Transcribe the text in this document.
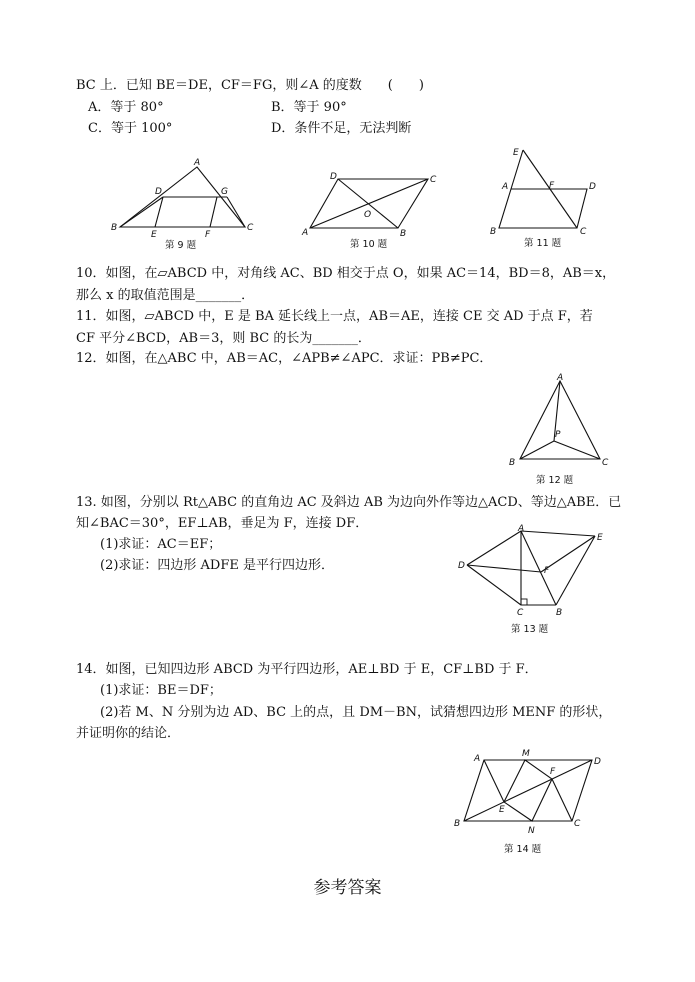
BC 上．已知 BE＝DE，CF＝FG，则∠A 的度数　　(　　)
A．等于 80°	B．等于 90°
C．等于 100°	D．条件不足，无法判断
A
D	G
B
E	F
C
第 9 题
D	C
O
A	B
第 10 题
E
A	F	D
B	C
第 11 题
10．如图，在▱ABCD 中，对角线 AC、BD 相交于点 O，如果 AC＝14，BD＝8，AB＝x，
那么 x 的取值范围是_______．
11．如图，▱ABCD 中，E 是 BA 延长线上一点，AB＝AE，连接 CE 交 AD 于点 F，若
CF 平分∠BCD，AB＝3，则 BC 的长为_______．
12．如图，在△ABC 中，AB＝AC，∠APB≠∠APC．求证：PB≠PC．
A
P
B	C
第 12 题
13. 如图，分别以 Rt△ABC 的直角边 AC 及斜边 AB 为边向外作等边△ACD、等边△ABE．已
知∠BAC＝30°，EF⊥AB，垂足为 F，连接 DF．
(1)求证：AC＝EF；
(2)求证：四边形 ADFE 是平行四边形．
A
E
D	F
C	B
第 13 题
14．如图，已知四边形 ABCD 为平行四边形，AE⊥BD 于 E，CF⊥BD 于 F．
(1)求证：BE＝DF；
(2)若 M、N 分别为边 AD、BC 上的点，且 DM－BN，试猜想四边形 MENF 的形状，
并证明你的结论．
A	M
D
F
E
B
N
C
第 14 题
参考答案
